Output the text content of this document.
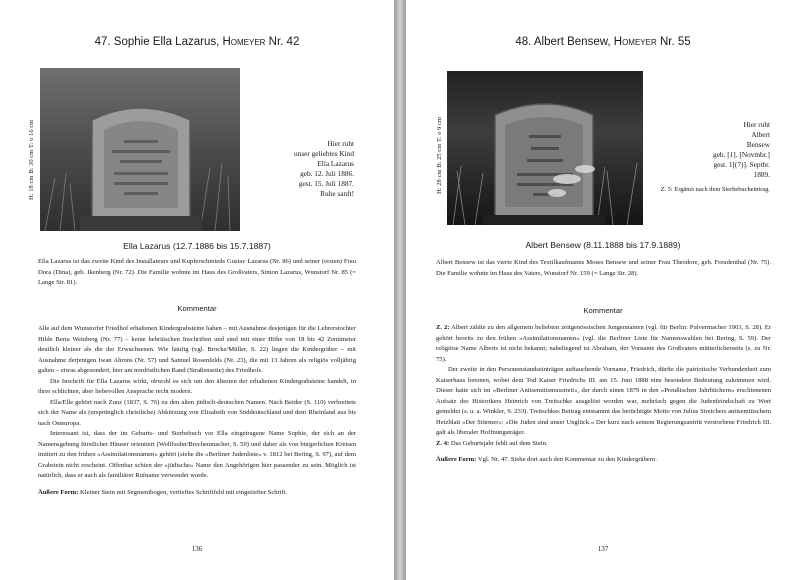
47. Sophie Ella Lazarus, Homeyer Nr. 42
H: 18 cm B: 30 cm T: o 16 cm	Hier ruht
unser geliebtes Kind
Ella Lazarus
geb. 12. Juli 1886.
gest. 15. Juli 1887.
Ruhe sanft!
Ella Lazarus (12.7.1886 bis 15.7.1887)

Ella Lazarus ist das zweite Kind des Installateurs und Kupferschmieds Gustav Lazarus (Nr. 86) und seiner (ersten) Frau Dora (Dina), geb. Ikenberg (Nr. 72). Die Familie wohnte im Haus des Großvaters, Simon Lazarus, Wunstorf Nr. 85 (= Lange Str. 81).

Kommentar

Alle auf dem Wunstorfer Friedhof erhaltenen Kindergrabsteine haben – mit Ausnahme desjenigen für die Lehrerstochter Hilde Berta Weinberg (Nr. 77) – keine hebräischen Inschriften und sind mit einer Höhe von 18 bis 42 Zentimeter deutlich kleiner als die der Erwachsenen. Wie häufig (vgl. Brocke/Müller, S. 22) liegen die Kindergräber – mit Ausnahme derjenigen Iwan Ahrons (Nr. 57) und Samuel Rosenfelds (Nr. 23), die mit 13 Jahren als religiös volljährig galten – etwas abgesondert, hier am nordöstlichen Rand (Straßenseite) des Friedhofs.

Die Inschrift für Ella Lazarus wirkt, obwohl es sich um den ältesten der erhaltenen Kindergrabsteine handelt, in ihrer schlichten, aber liebevollen Ansprache recht modern.

Ella/Elle gehört nach Zunz (1837, S. 76) zu den alten jüdisch-deutschen Namen. Nach Beider (S. 110) verbreitete sich der Name als (ursprünglich christliche) Abkürzung von Elisabeth von Süddeutschland und dem Rheinland aus bis nach Osteuropa.

Interessant ist, dass der im Geburts- und Sterbebuch vor Ella eingetragene Name Sophie, der sich an der Namensgebung fürstlicher Häuser orientiert (Wolffsohn/Brechenmacher, S. 59) und daher als von bürgerlichen Kreisen imitiert zu den frühen »Assimilationsnamen« gehört (siehe die »Berliner Judenliste« v. 1812 bei Bering, S. 97), auf dem Grabstein nicht erscheint. Offenbar schien der »jüdische« Name den Angehörigen hier passender zu sein. Möglich ist natürlich, dass er auch als familiärer Rufname verwendet wurde.

Äußere Form: Kleiner Stein mit Segmentbogen, vertieftes Schriftfeld mit eingetiefter Schrift.

136
48. Albert Bensew, Homeyer Nr. 55
H: 28 cm B: 25 cm T: o 9 cm	Hier ruht
Albert
Bensew
geb. [1]. [Novmbr.]
gest. 1[(7)]. Septbr.
1889.
Z. 5: Ergänzt nach dem Sterbebucheintrag.
Albert Bensew (8.11.1888 bis 17.9.1889)

Albert Bensew ist das vierte Kind des Textilkaufmanns Moses Bensew und seiner Frau Theodore, geb. Freudenthal (Nr. 75). Die Familie wohnte im Haus des Vaters, Wunstorf Nr. 159 (= Lange Str. 28).

Kommentar

Z. 2: Albert zählte zu den allgemein beliebten zeitgenössischen Jungennamen (vgl. für Berlin: Pulvermacher 1903, S. 28). Er gehört bereits zu den frühen »Assimilationsnamen« (vgl. die Berliner Liste für Namenswahlen bei Bering, S. 59). Der religiöse Name Alberts ist nicht bekannt; naheliegend ist Abraham, der Vorname des Großvaters mütterlicherseits (s. zu Nr. 75).

Der zweite in den Personenstandseinträgen auftauchende Vorname, Friedrich, dürfte die patriotische Verbundenheit zum Kaiserhaus betonen, wobei dem Tod Kaiser Friedrichs III. am 15. Juni 1888 eine besondere Bedeutung zukommen wird. Dieser hatte sich im »Berliner Antisemitismusstreit«, der durch einen 1879 in den »Preußischen Jahrbüchern« erschienenen Aufsatz des Historikers Heinrich von Treitschke ausgelöst worden war, mehrfach gegen die Judenfeindschaft zu Wort gemeldet (s. u. a. Winkler, S. 233). Treitschkes Beitrag entstammt das berüchtigte Motto von Julius Streichers antisemitischem Hetzblatt »Der Stürmer«: »Die Juden sind unser Unglück.« Der kurz nach seinem Regierungsantritt verstorbene Friedrich III. galt als liberaler Hoffnungsträger.

Z. 4: Das Geburtsjahr fehlt auf dem Stein.

Äußere Form: Vgl. Nr. 47. Siehe dort auch den Kommentar zu den Kindergräbern.

137
